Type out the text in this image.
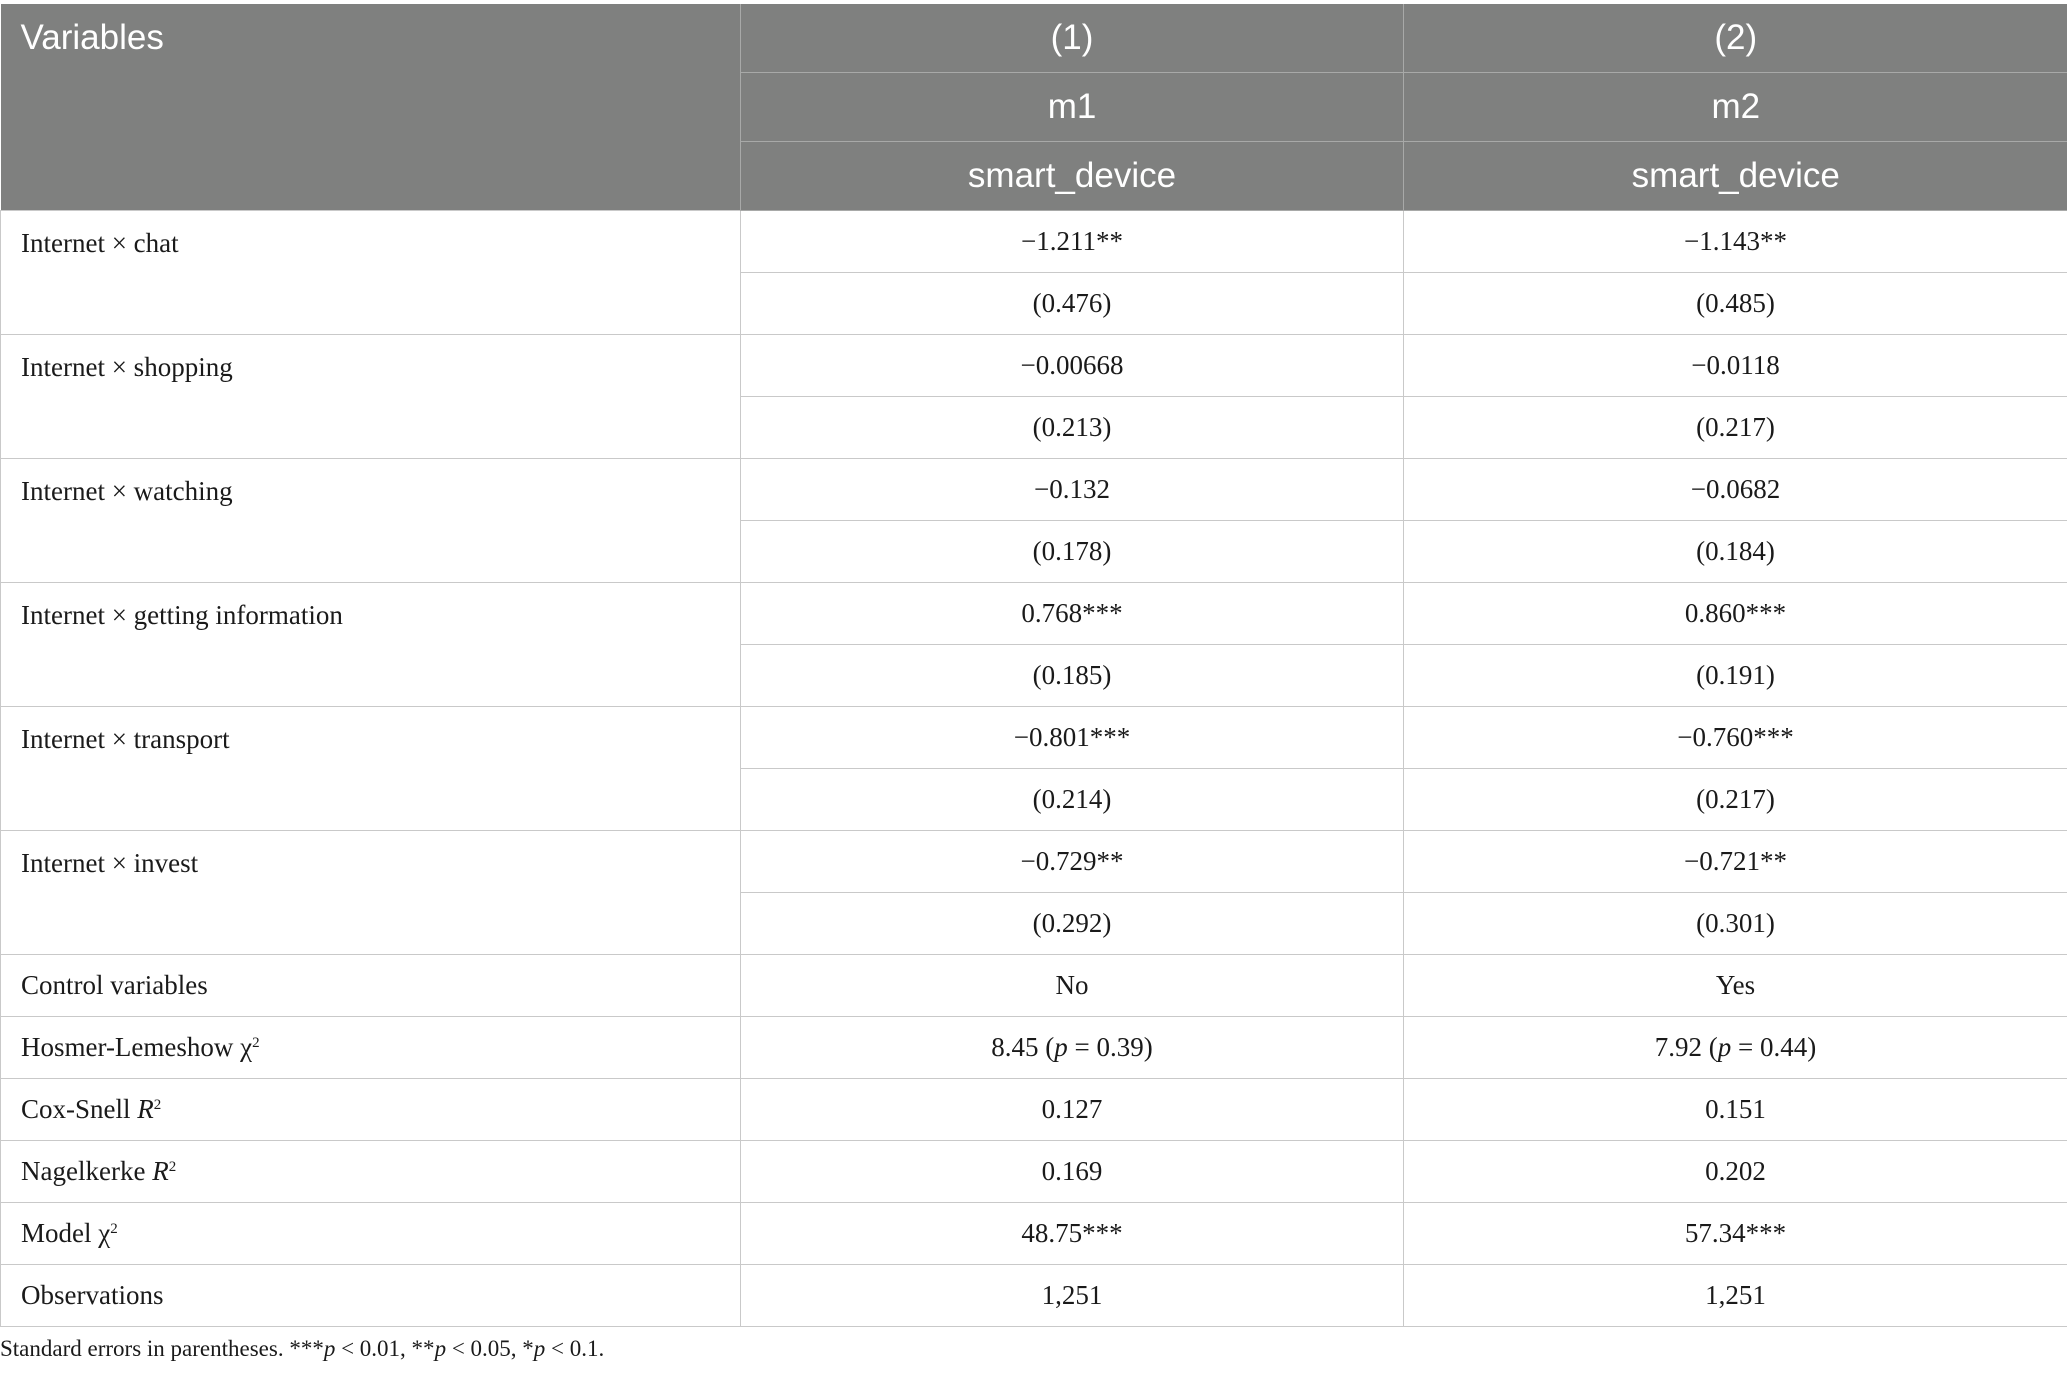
Variables	(1)	(2)
	m1	m2
	smart_device	smart_device
Internet × chat	−1.211**	−1.143**
	(0.476)	(0.485)
Internet × shopping	−0.00668	−0.0118
	(0.213)	(0.217)
Internet × watching	−0.132	−0.0682
	(0.178)	(0.184)
Internet × getting information	0.768***	0.860***
	(0.185)	(0.191)
Internet × transport	−0.801***	−0.760***
	(0.214)	(0.217)
Internet × invest	−0.729**	−0.721**
	(0.292)	(0.301)
Control variables	No	Yes
Hosmer-Lemeshow $\chi^2$	8.45 (p = 0.39)	7.92 (p = 0.44)
Cox-Snell $R^2$	0.127	0.151
Nagelkerke $R^2$	0.169	0.202
Model $\chi^2$	48.75***	57.34***
Observations	1,251	1,251
Standard errors in parentheses. ***p < 0.01, **p < 0.05, *p < 0.1.
